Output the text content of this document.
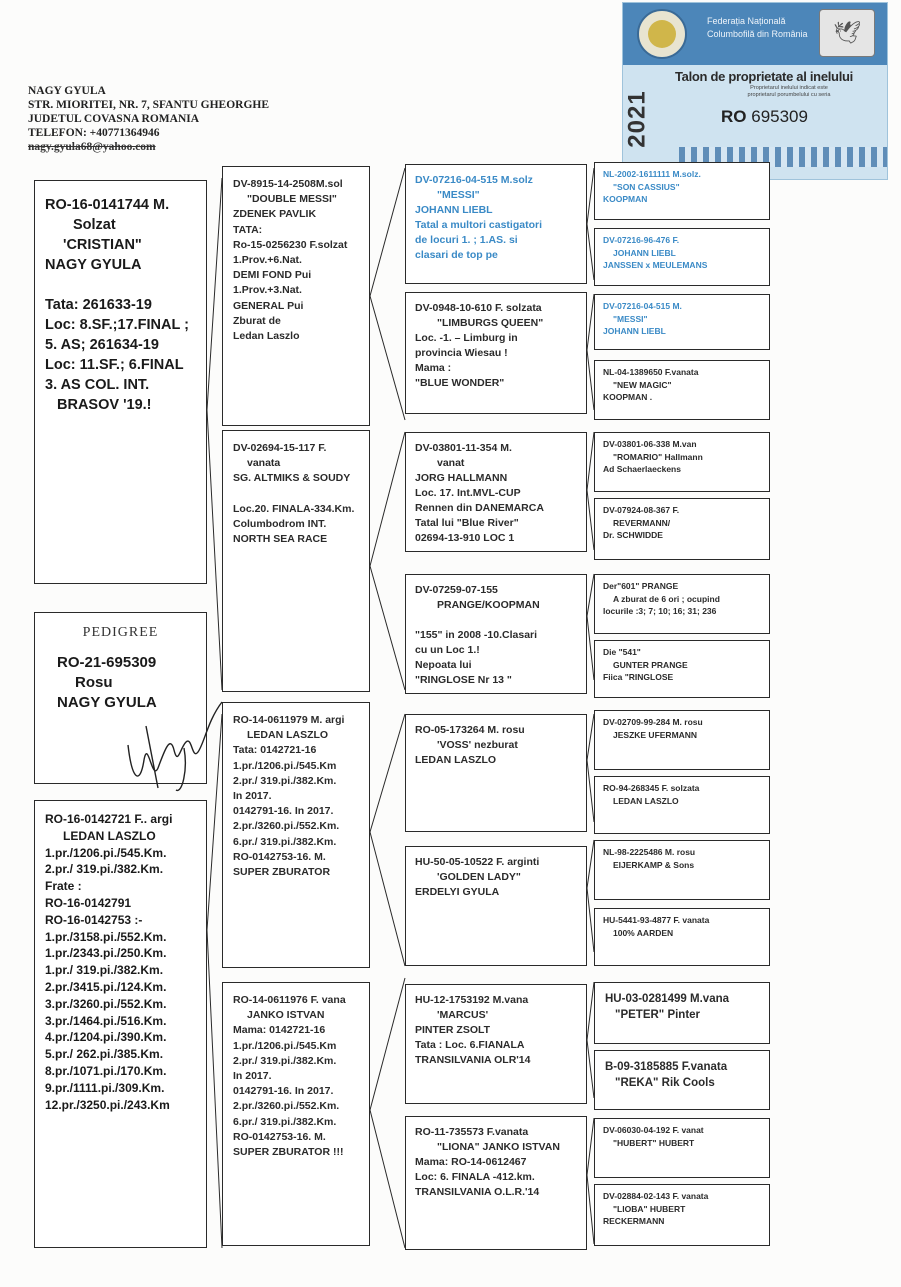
NAGY GYULA
STR. MIORITEI, NR. 7, SFANTU GHEORGHE
JUDETUL COVASNA ROMANIA
TELEFON: +40771364946
nagy.gyula68@yahoo.com
Federația Națională
Columbofilă din România	🕊
2021
Talon de proprietate al inelului
Proprietarul inelului indicat este
proprietarul porumbelului cu seria
RO 695309
RO-16-0141744 M.
Solzat
'CRISTIAN"
NAGY GYULA

Tata: 261633-19
Loc: 8.SF.;17.FINAL ;
5. AS; 261634-19
Loc: 11.SF.; 6.FINAL
3. AS COL. INT.
BRASOV '19.!
PEDIGREE
RO-21-695309
Rosu
NAGY GYULA
RO-16-0142721 F.. argi
LEDAN LASZLO
1.pr./1206.pi./545.Km.
2.pr./ 319.pi./382.Km.
Frate :
RO-16-0142791
RO-16-0142753 :-
1.pr./3158.pi./552.Km.
1.pr./2343.pi./250.Km.
1.pr./ 319.pi./382.Km.
2.pr./3415.pi./124.Km.
3.pr./3260.pi./552.Km.
3.pr./1464.pi./516.Km.
4.pr./1204.pi./390.Km.
5.pr./ 262.pi./385.Km.
8.pr./1071.pi./170.Km.
9.pr./1111.pi./309.Km.
12.pr./3250.pi./243.Km
DV-8915-14-2508M.sol
"DOUBLE MESSI"
ZDENEK PAVLIK
TATA:
Ro-15-0256230 F.solzat
1.Prov.+6.Nat.
DEMI FOND Pui
1.Prov.+3.Nat.
GENERAL Pui
Zburat de
Ledan Laszlo
DV-02694-15-117 F.
vanata
SG. ALTMIKS & SOUDY

Loc.20. FINALA-334.Km.
Columbodrom INT.
NORTH SEA RACE
RO-14-0611979 M. argi
LEDAN LASZLO
Tata: 0142721-16
1.pr./1206.pi./545.Km
2.pr./ 319.pi./382.Km.
In 2017.
0142791-16. In 2017.
2.pr./3260.pi./552.Km.
6.pr./ 319.pi./382.Km.
RO-0142753-16. M.
SUPER ZBURATOR
RO-14-0611976 F. vana
JANKO ISTVAN
Mama: 0142721-16
1.pr./1206.pi./545.Km
2.pr./ 319.pi./382.Km.
In 2017.
0142791-16. In 2017.
2.pr./3260.pi./552.Km.
6.pr./ 319.pi./382.Km.
RO-0142753-16. M.
SUPER ZBURATOR !!!
DV-07216-04-515 M.solz
"MESSI"
JOHANN LIEBL
Tatal a multori castigatori
de locuri 1. ; 1.AS. si
clasari de top pe
DV-0948-10-610 F. solzata
"LIMBURGS QUEEN"
Loc. -1. – Limburg in
provincia Wiesau !
Mama :
"BLUE WONDER"
DV-03801-11-354 M.
vanat
JORG HALLMANN
Loc. 17. Int.MVL-CUP
Rennen din DANEMARCA
Tatal lui "Blue River"
02694-13-910 LOC 1
DV-07259-07-155
PRANGE/KOOPMAN

"155" in 2008 -10.Clasari
cu un Loc 1.!
Nepoata lui
"RINGLOSE Nr 13 "
RO-05-173264 M. rosu
'VOSS' nezburat
LEDAN LASZLO
HU-50-05-10522 F. arginti
'GOLDEN LADY"
ERDELYI GYULA
HU-12-1753192 M.vana
'MARCUS'
PINTER ZSOLT
Tata : Loc. 6.FIANALA
TRANSILVANIA OLR'14
RO-11-735573 F.vanata
"LIONA" JANKO ISTVAN
Mama: RO-14-0612467
Loc: 6. FINALA -412.km.
TRANSILVANIA O.L.R.'14
NL-2002-1611111 M.solz.
"SON CASSIUS"
KOOPMAN
DV-07216-96-476 F.
JOHANN LIEBL
JANSSEN x MEULEMANS
DV-07216-04-515 M.
"MESSI"
JOHANN LIEBL
NL-04-1389650 F.vanata
"NEW MAGIC"
KOOPMAN .
DV-03801-06-338 M.van
"ROMARIO" Hallmann
Ad Schaerlaeckens
DV-07924-08-367 F.
REVERMANN/
Dr. SCHWIDDE
Der"601" PRANGE
A zburat de 6 ori ; ocupind
locurile :3; 7; 10; 16; 31; 236
Die "541"
GUNTER PRANGE
Fiica "RINGLOSE
DV-02709-99-284 M. rosu
JESZKE UFERMANN
RO-94-268345 F. solzata
LEDAN LASZLO
NL-98-2225486 M. rosu
EIJERKAMP & Sons
HU-5441-93-4877 F. vanata
100% AARDEN
HU-03-0281499 M.vana
"PETER" Pinter
B-09-3185885 F.vanata
"REKA" Rik Cools
DV-06030-04-192 F. vanat
"HUBERT" HUBERT
DV-02884-02-143 F. vanata
"LIOBA" HUBERT
RECKERMANN
